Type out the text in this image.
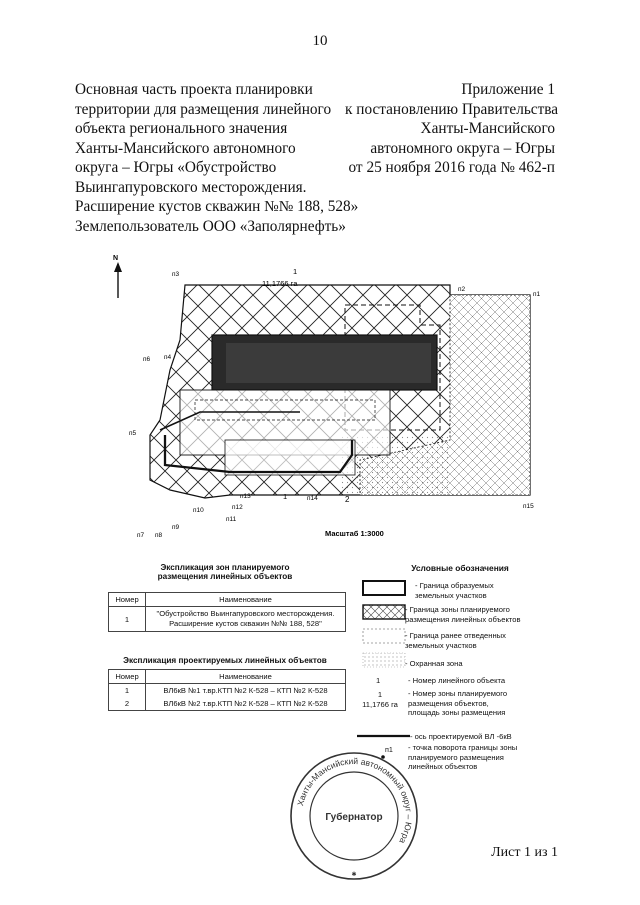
10
Основная часть проекта планировки
территории для размещения линейного
объекта регионального значения
Ханты-Мансийского автономного
округа – Югры «Обустройство
Выингапуровского месторождения.
Расширение кустов скважин №№ 188, 528»
Землепользователь ООО «Заполярнефть»
Приложение 1
к постановлению Правительства
Ханты-Мансийского
автономного округа – Югры
от 25 ноября 2016 года № 462-п
N
п3
п2
п1
п6 п4
п5
п13	п14
п12
п10
п11
п9
п7 п8
п15
1
11,1766 га
1	2
Масштаб 1:3000
Экспликация зон планируемого
размещения линейных объектов
Номер	Наименование
1	"Обустройство Выингапуровского месторождения.
Расширение кустов скважин №№ 188, 528"
Экспликация проектируемых линейных объектов
Номер	Наименование
1	ВЛ6кВ №1 т.вр.КТП №2 К-528 – КТП №2 К-528
2	ВЛ6кВ №2 т.вр.КТП №2 К-528 – КТП №2 К-528
Условные обозначения
- Граница образуемых
земельных участков
- Граница зоны планируемого
размещения линейных объектов
- Граница ранее отведенных
земельных участков
- Охранная зона
1	- Номер линейного объекта
1
11,1766 га
- Номер зоны планируемого
размещения объектов,
площадь зоны размещения
- ось проектируемой ВЛ -6кВ
п1 - точка поворота границы зоны
планируемого размещения
линейных объектов
Ханты-Мансийский автономный округ – Югра
Губернатор
✱
Лист 1 из 1
